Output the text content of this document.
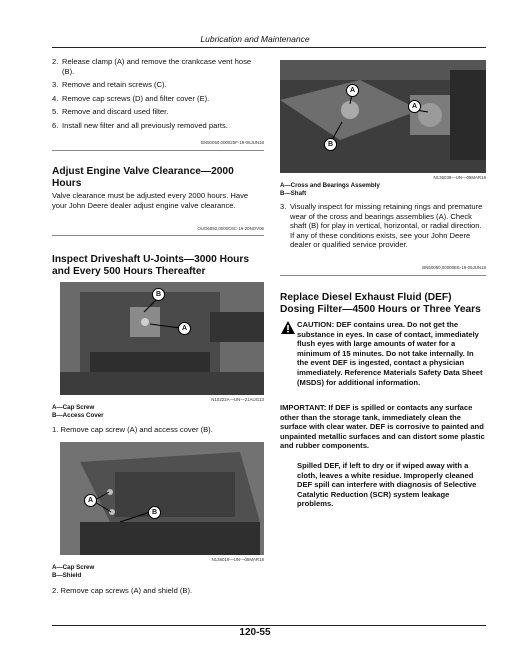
Lubrication and Maintenance
2. Release clamp (A) and remove the crankcase vent hose (B).
3. Remove and retain screws (C).
4. Remove cap screws (D) and filter cover (E).
5. Remove and discard used filter.
6. Install new filter and all previously removed parts.
BN50050,000025F-19-06JUN18
Adjust Engine Valve Clearance—2000 Hours
Valve clearance must be adjusted every 2000 hours. Have your John Deere dealer adjust engine valve clearance.
OUO6092,0000C6C-19-20NOV06
Inspect Driveshaft U-Joints—3000 Hours and Every 500 Hours Thereafter
B
A
N10222A—UN—21AUG13
A—Cap Screw
B—Access Cover
1. Remove cap screw (A) and access cover (B).
A
B
N136019—UN—05MAR18
A—Cap Screw
B—Shield
2. Remove cap screws (A) and shield (B).
A
A
B
N136038—UN—05MAR18
A—Cross and Bearings Assembly
B—Shaft
3. Visually inspect for missing retaining rings and premature wear of the cross and bearings assemblies (A). Check shaft (B) for play in vertical, horizontal, or radial direction. If any of these conditions exists, see your John Deere dealer or qualified service provider.
BN50050,00000EE-19-06JUN18
Replace Diesel Exhaust Fluid (DEF) Dosing Filter—4500 Hours or Three Years
CAUTION: DEF contains urea. Do not get the substance in eyes. In case of contact, immediately flush eyes with large amounts of water for a minimum of 15 minutes. Do not take internally. In the event DEF is ingested, contact a physician immediately. Reference Materials Safety Data Sheet (MSDS) for additional information.
IMPORTANT: If DEF is spilled or contacts any surface other than the storage tank, immediately clean the surface with clear water. DEF is corrosive to painted and unpainted metallic surfaces and can distort some plastic and rubber components.
Spilled DEF, if left to dry or if wiped away with a cloth, leaves a white residue. Improperly cleaned DEF spill can interfere with diagnosis of Selective Catalytic Reduction (SCR) system leakage problems.
120-55
